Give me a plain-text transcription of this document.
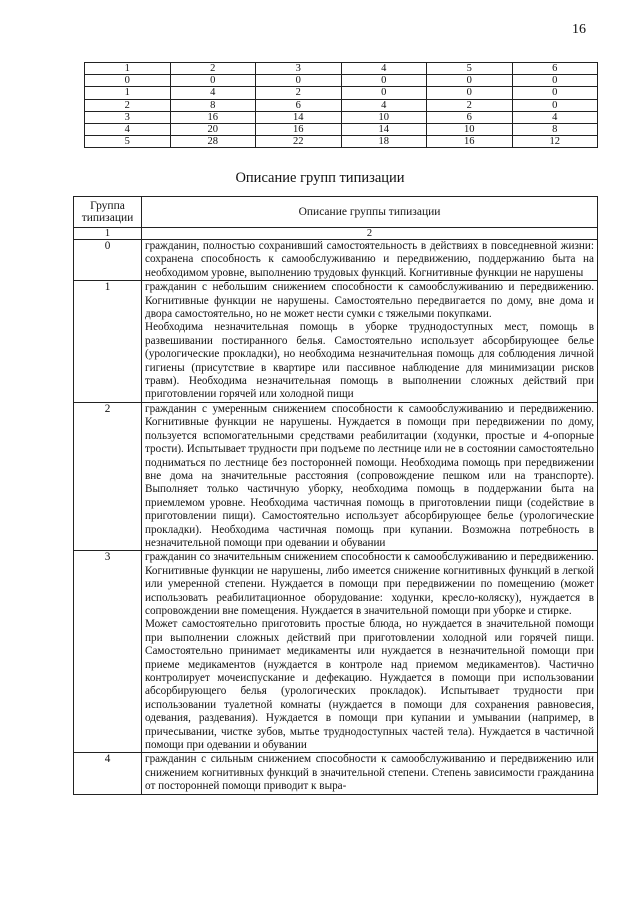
16
1	2	3	4	5	6
0	0	0	0	0	0
1	4	2	0	0	0
2	8	6	4	2	0
3	16	14	10	6	4
4	20	16	14	10	8
5	28	22	18	16	12
Описание групп типизации
Группа типизации	Описание группы типизации
1	2
0	гражданин, полностью сохранивший самостоятельность в действиях в повседневной жизни: сохранена способность к самообслуживанию и передвижению, поддержанию быта на необходимом уровне, выполнению трудовых функций. Когнитивные функции не нарушены

1	гражданин с небольшим снижением способности к самообслуживанию и передвижению. Когнитивные функции не нарушены. Самостоятельно передвигается по дому, вне дома и двора самостоятельно, но не может нести сумки с тяжелыми покупками.

Необходима незначительная помощь в уборке труднодоступных мест, помощь в развешивании постиранного белья. Самостоятельно использует абсорбирующее белье (урологические прокладки), но необходима незначительная помощь для соблюдения личной гигиены (присутствие в квартире или пассивное наблюдение для минимизации рисков травм). Необходима незначительная помощь в выполнении сложных действий при приготовлении горячей или холодной пищи

2	гражданин с умеренным снижением способности к самообслуживанию и передвижению. Когнитивные функции не нарушены. Нуждается в помощи при передвижении по дому, пользуется вспомогательными средствами реабилитации (ходунки, простые и 4-опорные трости). Испытывает трудности при подъеме по лестнице или не в состоянии самостоятельно подниматься по лестнице без посторонней помощи. Необходима помощь при передвижении вне дома на значительные расстояния (сопровождение пешком или на транспорте). Выполняет только частичную уборку, необходима помощь в поддержании быта на приемлемом уровне. Необходима частичная помощь в приготовлении пищи (содействие в приготовлении пищи). Самостоятельно использует абсорбирующее белье (урологические прокладки). Необходима частичная помощь при купании. Возможна потребность в незначительной помощи при одевании и обувании

3	гражданин со значительным снижением способности к самообслуживанию и передвижению. Когнитивные функции не нарушены, либо имеется снижение когнитивных функций в легкой или умеренной степени. Нуждается в помощи при передвижении по помещению (может использовать реабилитационное оборудование: ходунки, кресло-коляску), нуждается в сопровождении вне помещения. Нуждается в значительной помощи при уборке и стирке.

Может самостоятельно приготовить простые блюда, но нуждается в значительной помощи при выполнении сложных действий при приготовлении холодной или горячей пищи. Самостоятельно принимает медикаменты или нуждается в незначительной помощи при приеме медикаментов (нуждается в контроле над приемом медикаментов). Частично контролирует мочеиспускание и дефекацию. Нуждается в помощи при использовании абсорбирующего белья (урологических прокладок). Испытывает трудности при использовании туалетной комнаты (нуждается в помощи для сохранения равновесия, одевания, раздевания). Нуждается в помощи при купании и умывании (например, в причесывании, чистке зубов, мытье труднодоступных частей тела). Нуждается в частичной помощи при одевании и обувании

4	гражданин с сильным снижением способности к самообслуживанию и передвижению или снижением когнитивных функций в значительной степени. Степень зависимости гражданина от посторонней помощи приводит к выра-
